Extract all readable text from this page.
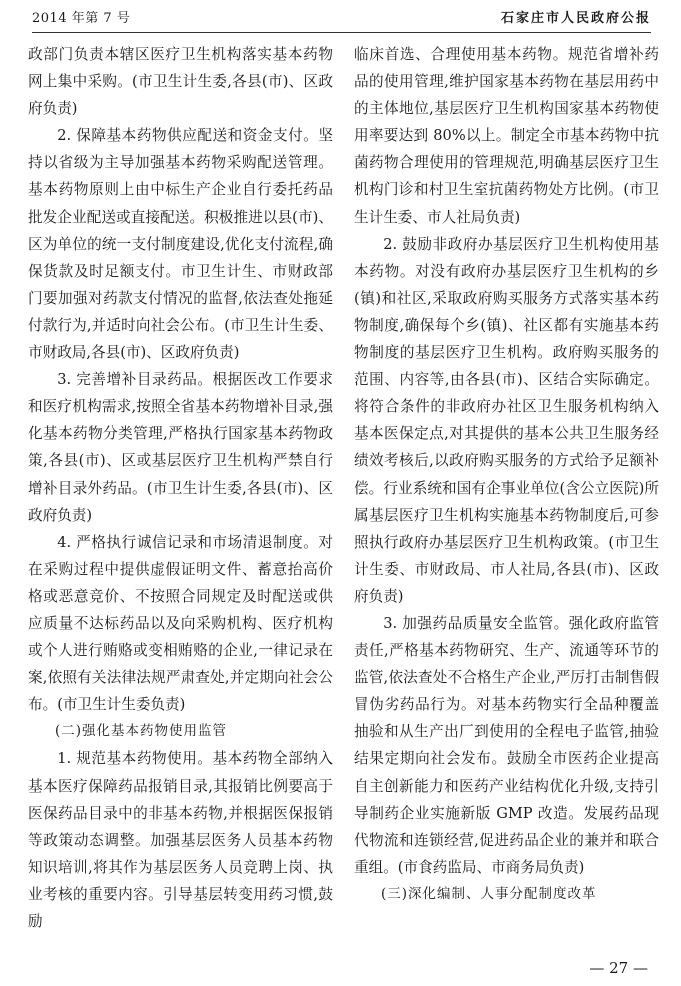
2014 年第 7 号	石家庄市人民政府公报

政部门负责本辖区医疗卫生机构落实基本药物网上集中采购。(市卫生计生委,各县(市)、区政府负责)

2. 保障基本药物供应配送和资金支付。坚持以省级为主导加强基本药物采购配送管理。基本药物原则上由中标生产企业自行委托药品批发企业配送或直接配送。积极推进以县(市)、区为单位的统一支付制度建设,优化支付流程,确保货款及时足额支付。市卫生计生、市财政部门要加强对药款支付情况的监督,依法查处拖延付款行为,并适时向社会公布。(市卫生计生委、市财政局,各县(市)、区政府负责)

3. 完善增补目录药品。根据医改工作要求和医疗机构需求,按照全省基本药物增补目录,强化基本药物分类管理,严格执行国家基本药物政策,各县(市)、区或基层医疗卫生机构严禁自行增补目录外药品。(市卫生计生委,各县(市)、区政府负责)

4. 严格执行诚信记录和市场清退制度。对在采购过程中提供虚假证明文件、蓄意抬高价格或恶意竞价、不按照合同规定及时配送或供应质量不达标药品以及向采购机构、医疗机构或个人进行贿赂或变相贿赂的企业,一律记录在案,依照有关法律法规严肃查处,并定期向社会公布。(市卫生计生委负责)

(二)强化基本药物使用监管

1. 规范基本药物使用。基本药物全部纳入基本医疗保障药品报销目录,其报销比例要高于医保药品目录中的非基本药物,并根据医保报销等政策动态调整。加强基层医务人员基本药物知识培训,将其作为基层医务人员竞聘上岗、执业考核的重要内容。引导基层转变用药习惯,鼓励

临床首选、合理使用基本药物。规范省增补药品的使用管理,维护国家基本药物在基层用药中的主体地位,基层医疗卫生机构国家基本药物使用率要达到 80%以上。制定全市基本药物中抗菌药物合理使用的管理规范,明确基层医疗卫生机构门诊和村卫生室抗菌药物处方比例。(市卫生计生委、市人社局负责)

2. 鼓励非政府办基层医疗卫生机构使用基本药物。对没有政府办基层医疗卫生机构的乡(镇)和社区,采取政府购买服务方式落实基本药物制度,确保每个乡(镇)、社区都有实施基本药物制度的基层医疗卫生机构。政府购买服务的范围、内容等,由各县(市)、区结合实际确定。将符合条件的非政府办社区卫生服务机构纳入基本医保定点,对其提供的基本公共卫生服务经绩效考核后,以政府购买服务的方式给予足额补偿。行业系统和国有企事业单位(含公立医院)所属基层医疗卫生机构实施基本药物制度后,可参照执行政府办基层医疗卫生机构政策。(市卫生计生委、市财政局、市人社局,各县(市)、区政府负责)

3. 加强药品质量安全监管。强化政府监管责任,严格基本药物研究、生产、流通等环节的监管,依法查处不合格生产企业,严厉打击制售假冒伪劣药品行为。对基本药物实行全品种覆盖抽验和从生产出厂到使用的全程电子监管,抽验结果定期向社会发布。鼓励全市医药企业提高自主创新能力和医药产业结构优化升级,支持引导制药企业实施新版 GMP 改造。发展药品现代物流和连锁经营,促进药品企业的兼并和联合重组。(市食药监局、市商务局负责)

(三)深化编制、人事分配制度改革

— 27 —
